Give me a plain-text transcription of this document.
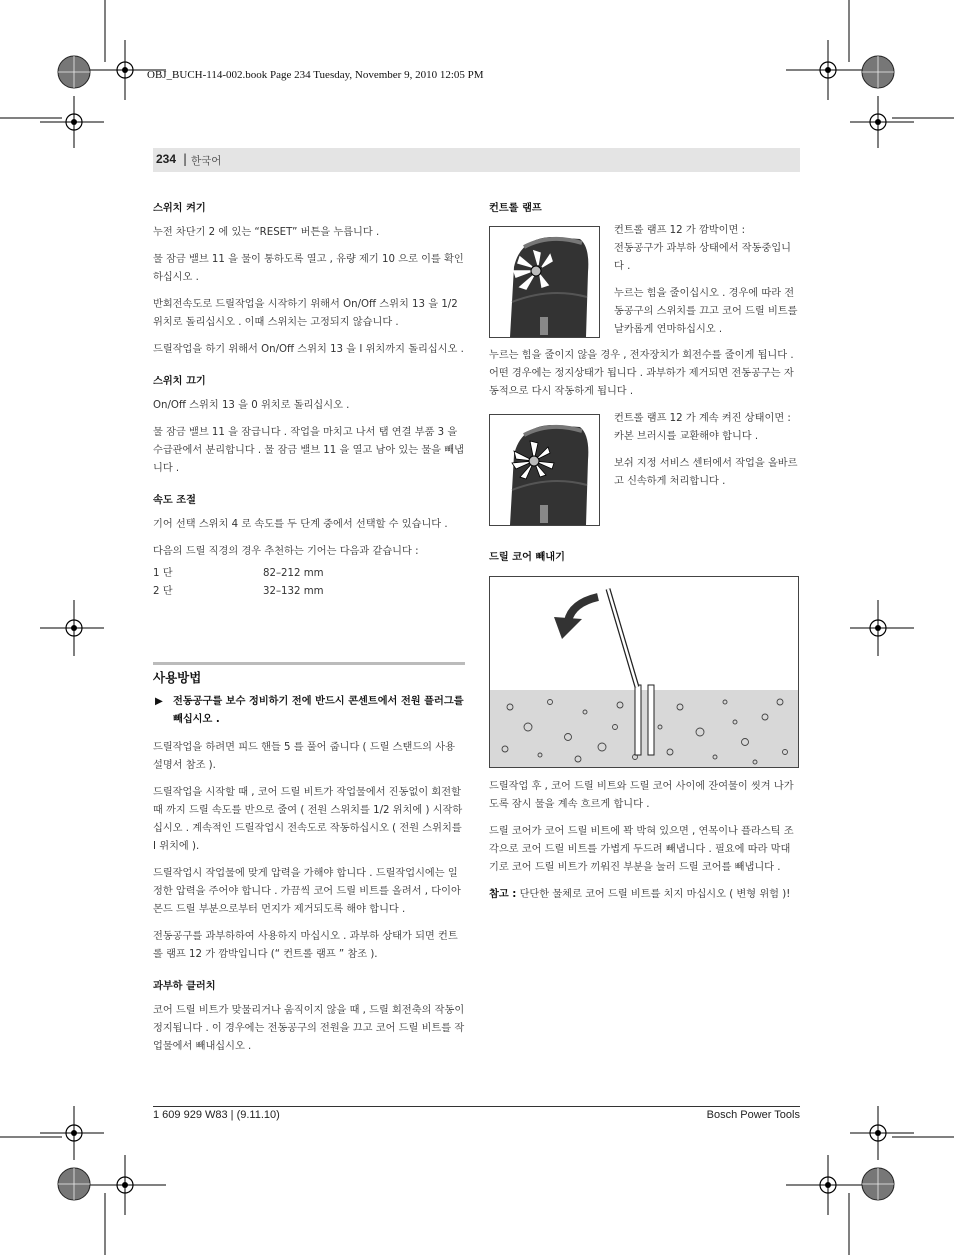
OBJ_BUCH-114-002.book Page 234 Tuesday, November 9, 2010 12:05 PM
234 | 한국어
스위치 켜기

누전 차단기 2 에 있는 “RESET” 버튼을 누릅니다 .

물 잠금 밸브 11 을 물이 통하도록 열고 , 유량 제기 10 으로 이를 확인하십시오 .

반회전속도로 드릴작업을 시작하기 위해서 On/Off 스위치 13 을 1/2 위치로 돌리십시오 . 이때 스위치는 고정되지 않습니다 .

드릴작업을 하기 위해서 On/Off 스위치 13 을 I 위치까지 돌리십시오 .

스위치 끄기

On/Off 스위치 13 을 0 위치로 돌리십시오 .

물 잠금 밸브 11 을 잠급니다 . 작업을 마치고 나서 탭 연결 부품 3 을 수급관에서 분리합니다 . 물 잠금 밸브 11 을 열고 남아 있는 물을 빼냅니다 .

속도 조절

기어 선택 스위치 4 로 속도를 두 단계 중에서 선택할 수 있습니다 .

다음의 드릴 직경의 경우 추천하는 기어는 다음과 같습니다 :

1 단	82–212 mm
2 단	32–132 mm
사용방법
▶ 전동공구를 보수 정비하기 전에 반드시 콘센트에서 전원 플러그를 빼십시오 .

드릴작업을 하려면 피드 핸들 5 를 풀어 줍니다 ( 드릴 스탠드의 사용 설명서 참조 ).

드릴작업을 시작할 때 , 코어 드릴 비트가 작업물에서 진동없이 회전할 때 까지 드릴 속도를 반으로 줄여 ( 전원 스위치를 1/2 위치에 ) 시작하십시오 . 계속적인 드릴작업시 전속도로 작동하십시오 ( 전원 스위치를 I 위치에 ).

드릴작업시 작업물에 맞게 압력을 가해야 합니다 . 드릴작업시에는 일정한 압력을 주어야 합니다 . 가끔씩 코어 드릴 비트를 올려서 , 다이아몬드 드릴 부분으로부터 먼지가 제거되도록 해야 합니다 .

전동공구를 과부하하여 사용하지 마십시오 . 과부하 상태가 되면 컨트롤 램프 12 가 깜박입니다 (“ 컨트롤 램프 ” 참조 ).

과부하 클러치

코어 드릴 비트가 맞물리거나 움직이지 않을 때 , 드릴 회전축의 작동이 정지됩니다 . 이 경우에는 전동공구의 전원을 끄고 코어 드릴 비트를 작업물에서 빼내십시오 .

컨트롤 램프

컨트롤 램프 12 가 깜박이면 :

전동공구가 과부하 상태에서 작동중입니다 .

누르는 힘을 줄이십시오 . 경우에 따라 전동공구의 스위치를 끄고 코어 드릴 비트를 날카롭게 연마하십시오 .

누르는 힘을 줄이지 않을 경우 , 전자장치가 회전수를 줄이게 됩니다 . 어떤 경우에는 정지상태가 됩니다 . 과부하가 제거되면 전동공구는 자동적으로 다시 작동하게 됩니다 .

컨트롤 램프 12 가 계속 켜진 상태이면 :

카본 브러시를 교환해야 합니다 .

보쉬 지정 서비스 센터에서 작업을 올바르고 신속하게 처리합니다 .

드릴 코어 빼내기

드릴작업 후 , 코어 드릴 비트와 드릴 코어 사이에 잔여물이 씻겨 나가도록 잠시 물을 계속 흐르게 합니다 .

드릴 코어가 코어 드릴 비트에 꽉 박혀 있으면 , 연목이나 플라스틱 조각으로 코어 드릴 비트를 가볍게 두드려 빼냅니다 . 필요에 따라 막대기로 코어 드릴 비트가 끼워진 부분을 눌러 드릴 코어를 빼냅니다 .

참고 : 단단한 물체로 코어 드릴 비트를 치지 마십시오 ( 변형 위험 )!

1 609 929 W83 | (9.11.10)	Bosch Power Tools
